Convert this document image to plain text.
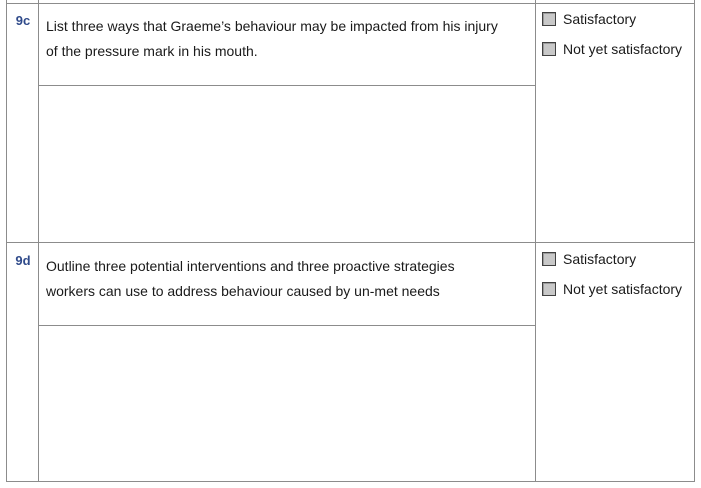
9c	List three ways that Graeme’s behaviour may be impacted from his injury
of the pressure mark in his mouth.
Satisfactory
Not yet satisfactory
9d	Outline three potential interventions and three proactive strategies
workers can use to address behaviour caused by un-met needs
Satisfactory
Not yet satisfactory
